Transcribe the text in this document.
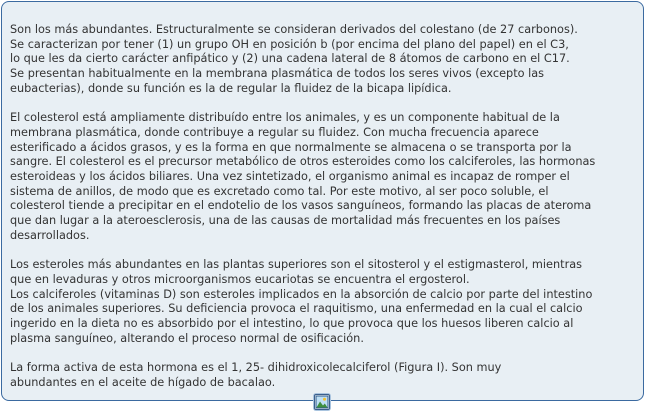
Son los más abundantes. Estructuralmente se consideran derivados del colestano (de 27 carbonos).
Se caracterizan por tener (1) un grupo OH en posición b (por encima del plano del papel) en el C3,
lo que les da cierto carácter anfipático y (2) una cadena lateral de 8 átomos de carbono en el C17.
Se presentan habitualmente en la membrana plasmática de todos los seres vivos (excepto las
eubacterias), donde su función es la de regular la fluidez de la bicapa lipídica.

El colesterol está ampliamente distribuído entre los animales, y es un componente habitual de la
membrana plasmática, donde contribuye a regular su fluidez. Con mucha frecuencia aparece
esterificado a ácidos grasos, y es la forma en que normalmente se almacena o se transporta por la
sangre. El colesterol es el precursor metabólico de otros esteroides como los calciferoles, las hormonas
esteroideas y los ácidos biliares. Una vez sintetizado, el organismo animal es incapaz de romper el
sistema de anillos, de modo que es excretado como tal. Por este motivo, al ser poco soluble, el
colesterol tiende a precipitar en el endotelio de los vasos sanguíneos, formando las placas de ateroma
que dan lugar a la ateroesclerosis, una de las causas de mortalidad más frecuentes en los países
desarrollados.

Los esteroles más abundantes en las plantas superiores son el sitosterol y el estigmasterol, mientras
que en levaduras y otros microorganismos eucariotas se encuentra el ergosterol.
Los calciferoles (vitaminas D) son esteroles implicados en la absorción de calcio por parte del intestino
de los animales superiores. Su deficiencia provoca el raquitismo, una enfermedad en la cual el calcio
ingerido en la dieta no es absorbido por el intestino, lo que provoca que los huesos liberen calcio al
plasma sanguíneo, alterando el proceso normal de osificación.

La forma activa de esta hormona es el 1, 25- dihidroxicolecalciferol (Figura I). Son muy
abundantes en el aceite de hígado de bacalao.
